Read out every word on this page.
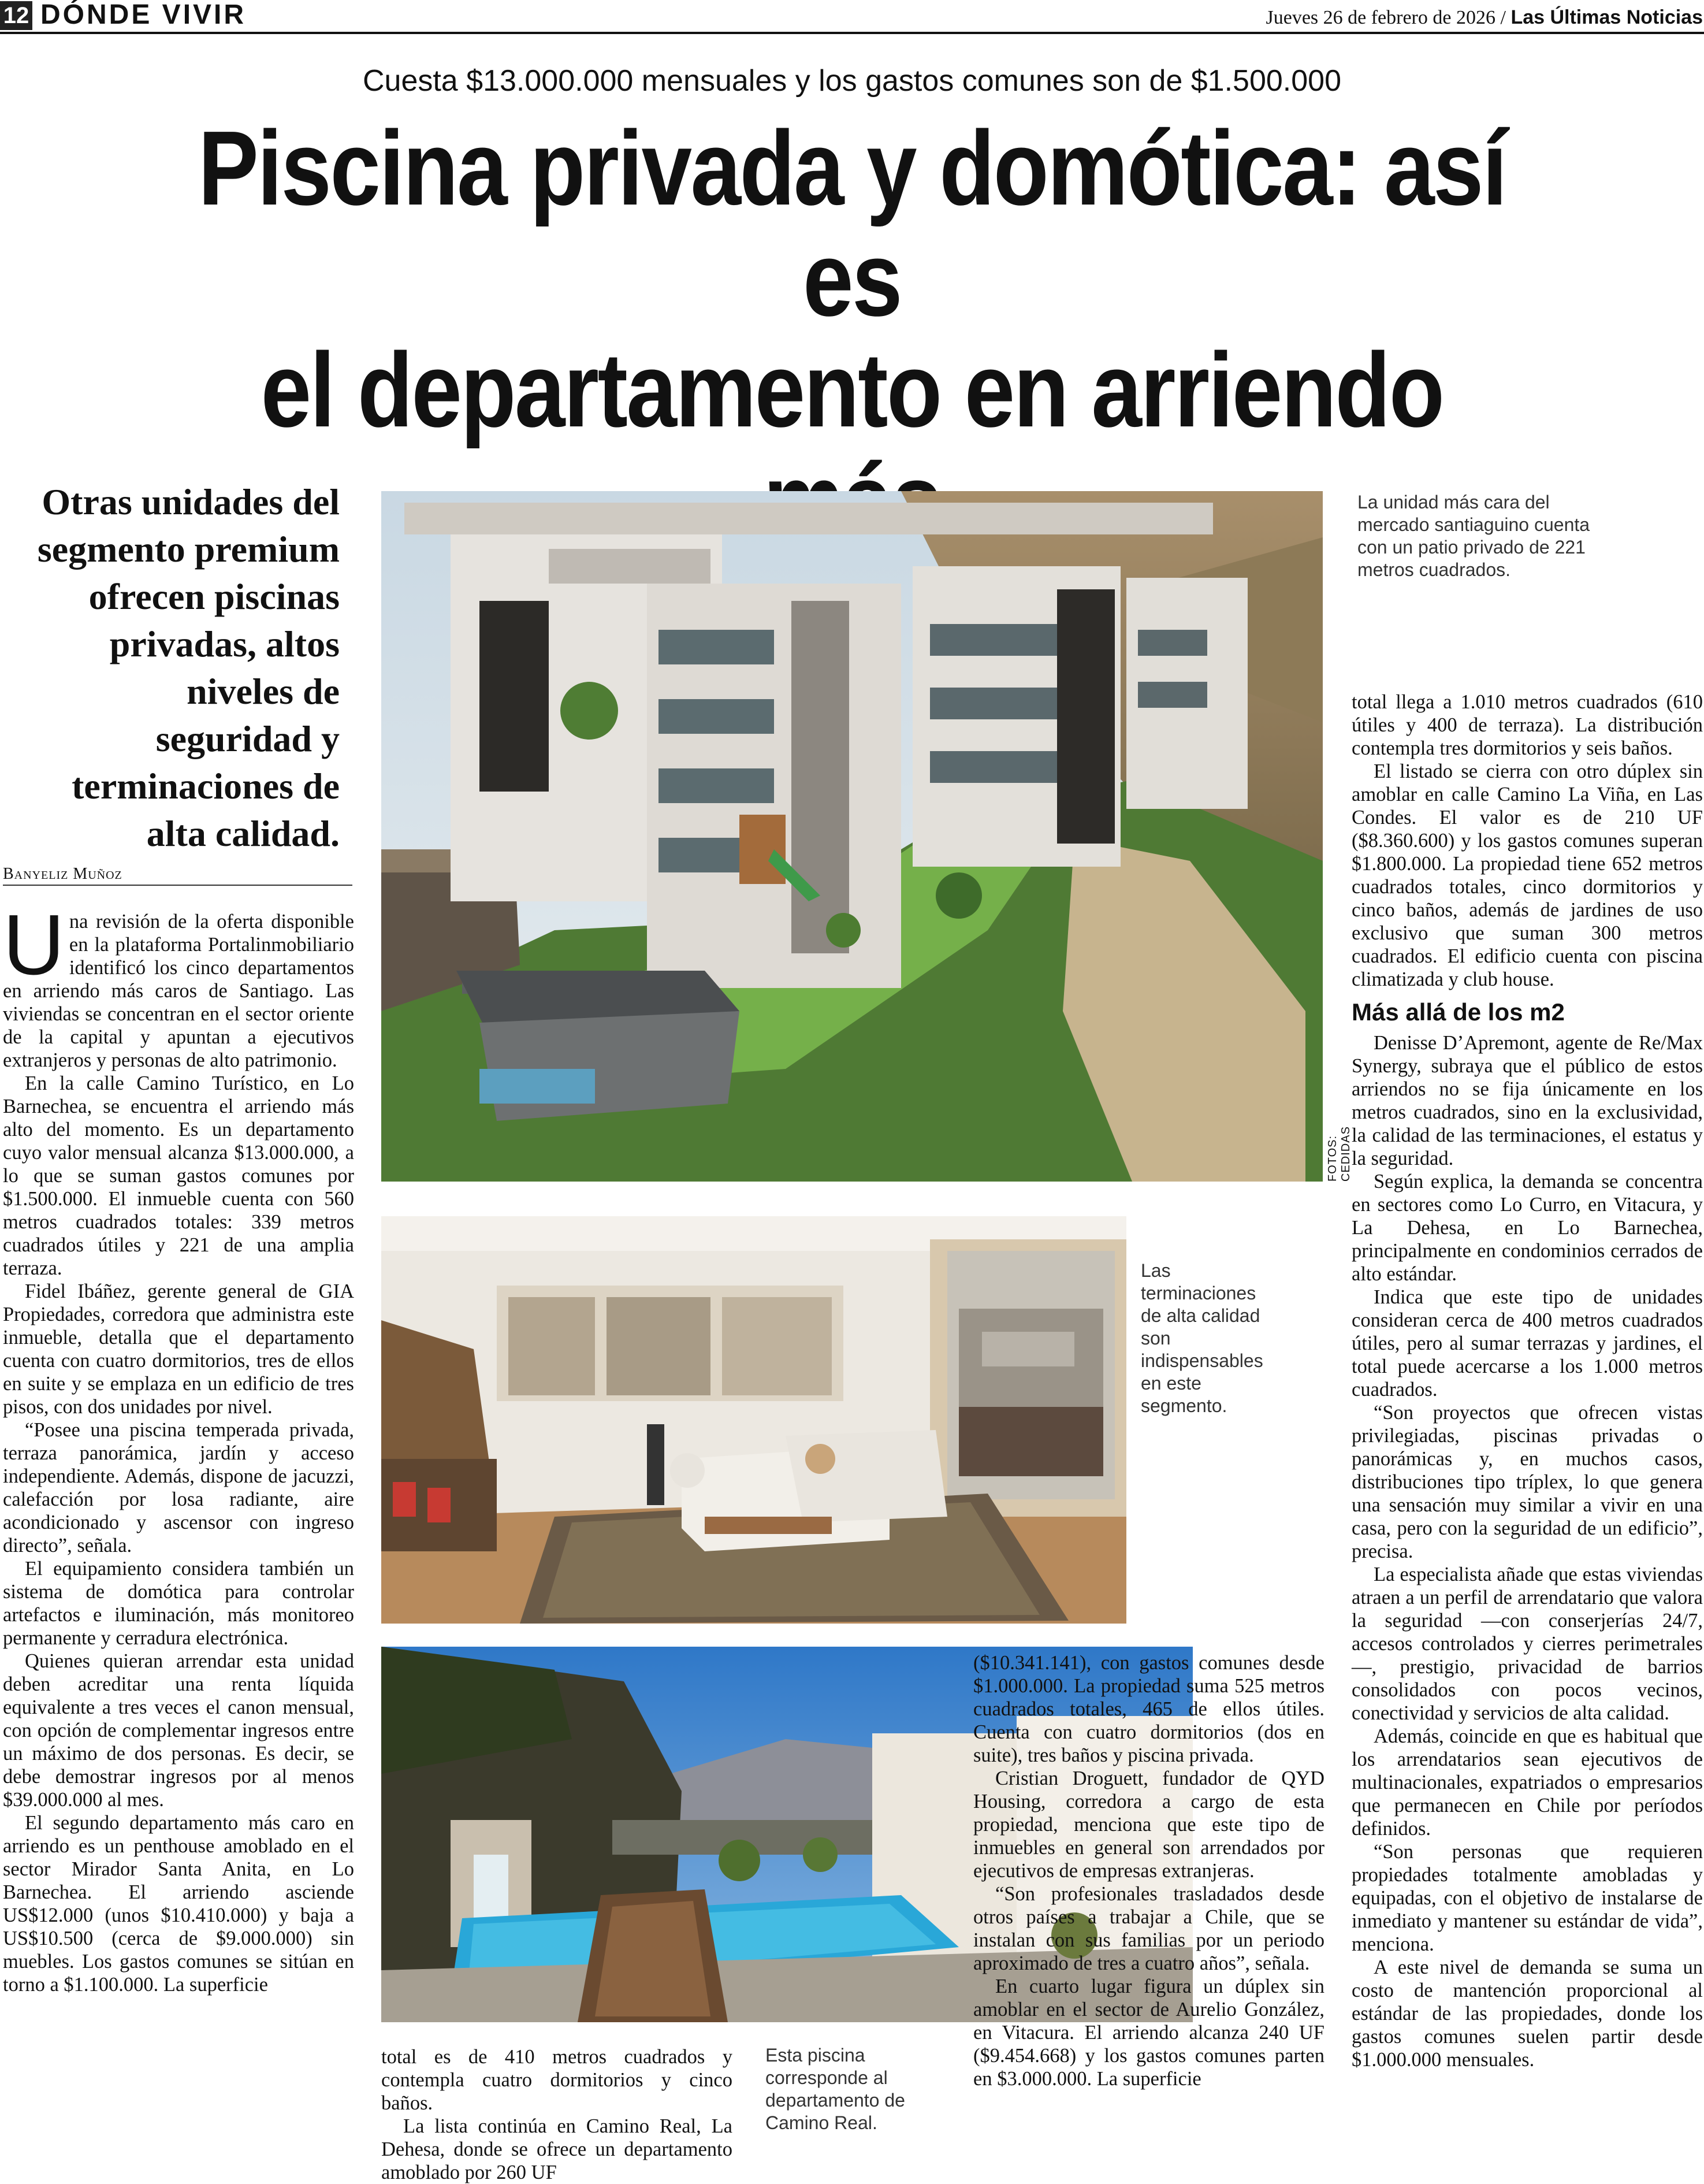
12 DÓNDE VIVIR	Jueves 26 de febrero de 2026 / Las Últimas Noticias
Cuesta $13.000.000 mensuales y los gastos comunes son de $1.500.000
Piscina privada y domótica: así es
el departamento en arriendo
Otras unidades del segmento premium ofrecen piscinas privadas, altos niveles de seguridad y terminaciones de alta calidad.
Banyeliz Muñoz

Una revisión de la oferta disponible en la plataforma Portalinmobiliario identificó los cinco departamentos en arriendo más caros de Santiago. Las viviendas se concentran en el sector oriente de la capital y apuntan a ejecutivos extranjeros y personas de alto patrimonio.

En la calle Camino Turístico, en Lo Barnechea, se encuentra el arriendo más alto del momento. Es un departamento cuyo valor mensual alcanza $13.000.000, a lo que se suman gastos comunes por $1.500.000. El inmueble cuenta con 560 metros cuadrados totales: 339 metros cuadrados útiles y 221 de una amplia terraza.

Fidel Ibáñez, gerente general de GIA Propiedades, corredora que administra este inmueble, detalla que el departamento cuenta con cuatro dormitorios, tres de ellos en suite y se emplaza en un edificio de tres pisos, con dos unidades por nivel.

“Posee una piscina temperada privada, terraza panorámica, jardín y acceso independiente. Además, dispone de jacuzzi, calefacción por losa radiante, aire acondicionado y ascensor con ingreso directo”, señala.

El equipamiento considera también un sistema de domótica para controlar artefactos e iluminación, más monitoreo permanente y cerradura electrónica.

Quienes quieran arrendar esta unidad deben acreditar una renta líquida equivalente a tres veces el canon mensual, con opción de complementar ingresos entre un máximo de dos personas. Es decir, se debe demostrar ingresos por al menos $39.000.000 al mes.

El segundo departamento más caro en arriendo es un penthouse amoblado en el sector Mirador Santa Anita, en Lo Barnechea. El arriendo asciende US$12.000 (unos $10.410.000) y baja a US$10.500 (cerca de $9.000.000) sin muebles. Los gastos comunes se sitúan en torno a $1.100.000. La superficie

FOTOS: CEDIDAS
La unidad más cara del mercado santiaguino cuenta con un patio privado de 221 metros cuadrados.

total llega a 1.010 metros cuadrados (610 útiles y 400 de terraza). La distribución contempla tres dormitorios y seis baños.

El listado se cierra con otro dúplex sin amoblar en calle Camino La Viña, en Las Condes. El valor es de 210 UF ($8.360.600) y los gastos comunes superan $1.800.000. La propiedad tiene 652 metros cuadrados totales, cinco dormitorios y cinco baños, además de jardines de uso exclusivo que suman 300 metros cuadrados. El edificio cuenta con piscina climatizada y club house.

Más allá de los m2

Denisse D’Apremont, agente de Re/Max Synergy, subraya que el público de estos arriendos no se fija únicamente en los metros cuadrados, sino en la exclusividad, la calidad de las terminaciones, el estatus y la seguridad.

Según explica, la demanda se concentra en sectores como Lo Curro, en Vitacura, y La Dehesa, en Lo Barnechea, principalmente en condominios cerrados de alto estándar.

Indica que este tipo de unidades consideran cerca de 400 metros cuadrados útiles, pero al sumar terrazas y jardines, el total puede acercarse a los 1.000 metros cuadrados.

“Son proyectos que ofrecen vistas privilegiadas, piscinas privadas o panorámicas y, en muchos casos, distribuciones tipo tríplex, lo que genera una sensación muy similar a vivir en una casa, pero con la seguridad de un edificio”, precisa.

La especialista añade que estas viviendas atraen a un perfil de arrendatario que valora la seguridad —con conserjerías 24/7, accesos controlados y cierres perimetrales—, prestigio, privacidad de barrios consolidados con pocos vecinos, conectividad y servicios de alta calidad.

Además, coincide en que es habitual que los arrendatarios sean ejecutivos de multinacionales, expatriados o empresarios que permanecen en Chile por períodos definidos.

“Son personas que requieren propiedades totalmente amobladas y equipadas, con el objetivo de instalarse de inmediato y mantener su estándar de vida”, menciona.

A este nivel de demanda se suma un costo de mantención proporcional al estándar de las propiedades, donde los gastos comunes suelen partir desde $1.000.000 mensuales.

Las terminaciones de alta calidad son indispensables en este segmento.
Esta piscina corresponde al departamento de Camino Real.

total es de 410 metros cuadrados y contempla cuatro dormitorios y cinco baños.

La lista continúa en Camino Real, La Dehesa, donde se ofrece un departamento amoblado por 260 UF

($10.341.141), con gastos comunes desde $1.000.000. La propiedad suma 525 metros cuadrados totales, 465 de ellos útiles. Cuenta con cuatro dormitorios (dos en suite), tres baños y piscina privada.

Cristian Droguett, fundador de QYD Housing, corredora a cargo de esta propiedad, menciona que este tipo de inmuebles en general son arrendados por ejecutivos de empresas extranjeras.

“Son profesionales trasladados desde otros países a trabajar a Chile, que se instalan con sus familias por un periodo aproximado de tres a cuatro años”, señala.

En cuarto lugar figura un dúplex sin amoblar en el sector de Aurelio González, en Vitacura. El arriendo alcanza 240 UF ($9.454.668) y los gastos comunes parten en $3.000.000. La superficie
